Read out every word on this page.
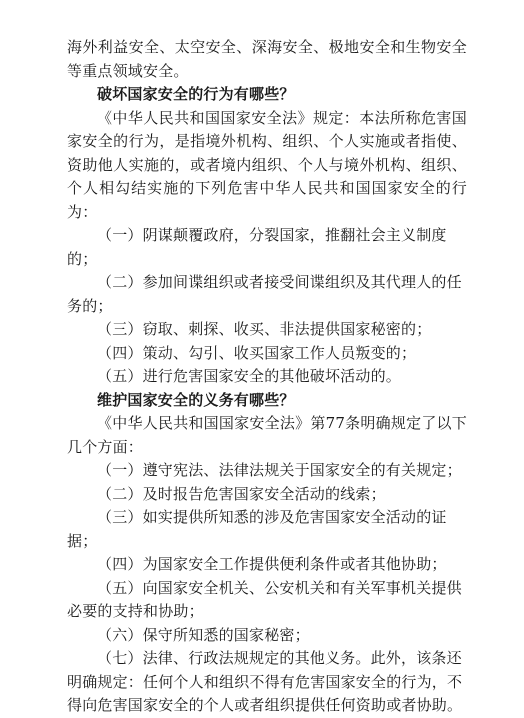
海外利益安全、太空安全、深海安全、极地安全和生物安全等重点领域安全。

破坏国家安全的行为有哪些？

《中华人民共和国国家安全法》规定：本法所称危害国家安全的行为，是指境外机构、组织、个人实施或者指使、资助他人实施的，或者境内组织、个人与境外机构、组织、个人相勾结实施的下列危害中华人民共和国国家安全的行为：

（一）阴谋颠覆政府，分裂国家，推翻社会主义制度的；

（二）参加间谍组织或者接受间谍组织及其代理人的任务的；

（三）窃取、刺探、收买、非法提供国家秘密的；

（四）策动、勾引、收买国家工作人员叛变的；

（五）进行危害国家安全的其他破坏活动的。

维护国家安全的义务有哪些？

《中华人民共和国国家安全法》第77条明确规定了以下几个方面：

（一）遵守宪法、法律法规关于国家安全的有关规定；

（二）及时报告危害国家安全活动的线索；

（三）如实提供所知悉的涉及危害国家安全活动的证据；

（四）为国家安全工作提供便利条件或者其他协助；

（五）向国家安全机关、公安机关和有关军事机关提供必要的支持和协助；

（六）保守所知悉的国家秘密；

（七）法律、行政法规规定的其他义务。此外，该条还明确规定：任何个人和组织不得有危害国家安全的行为，不得向危害国家安全的个人或者组织提供任何资助或者协助。
